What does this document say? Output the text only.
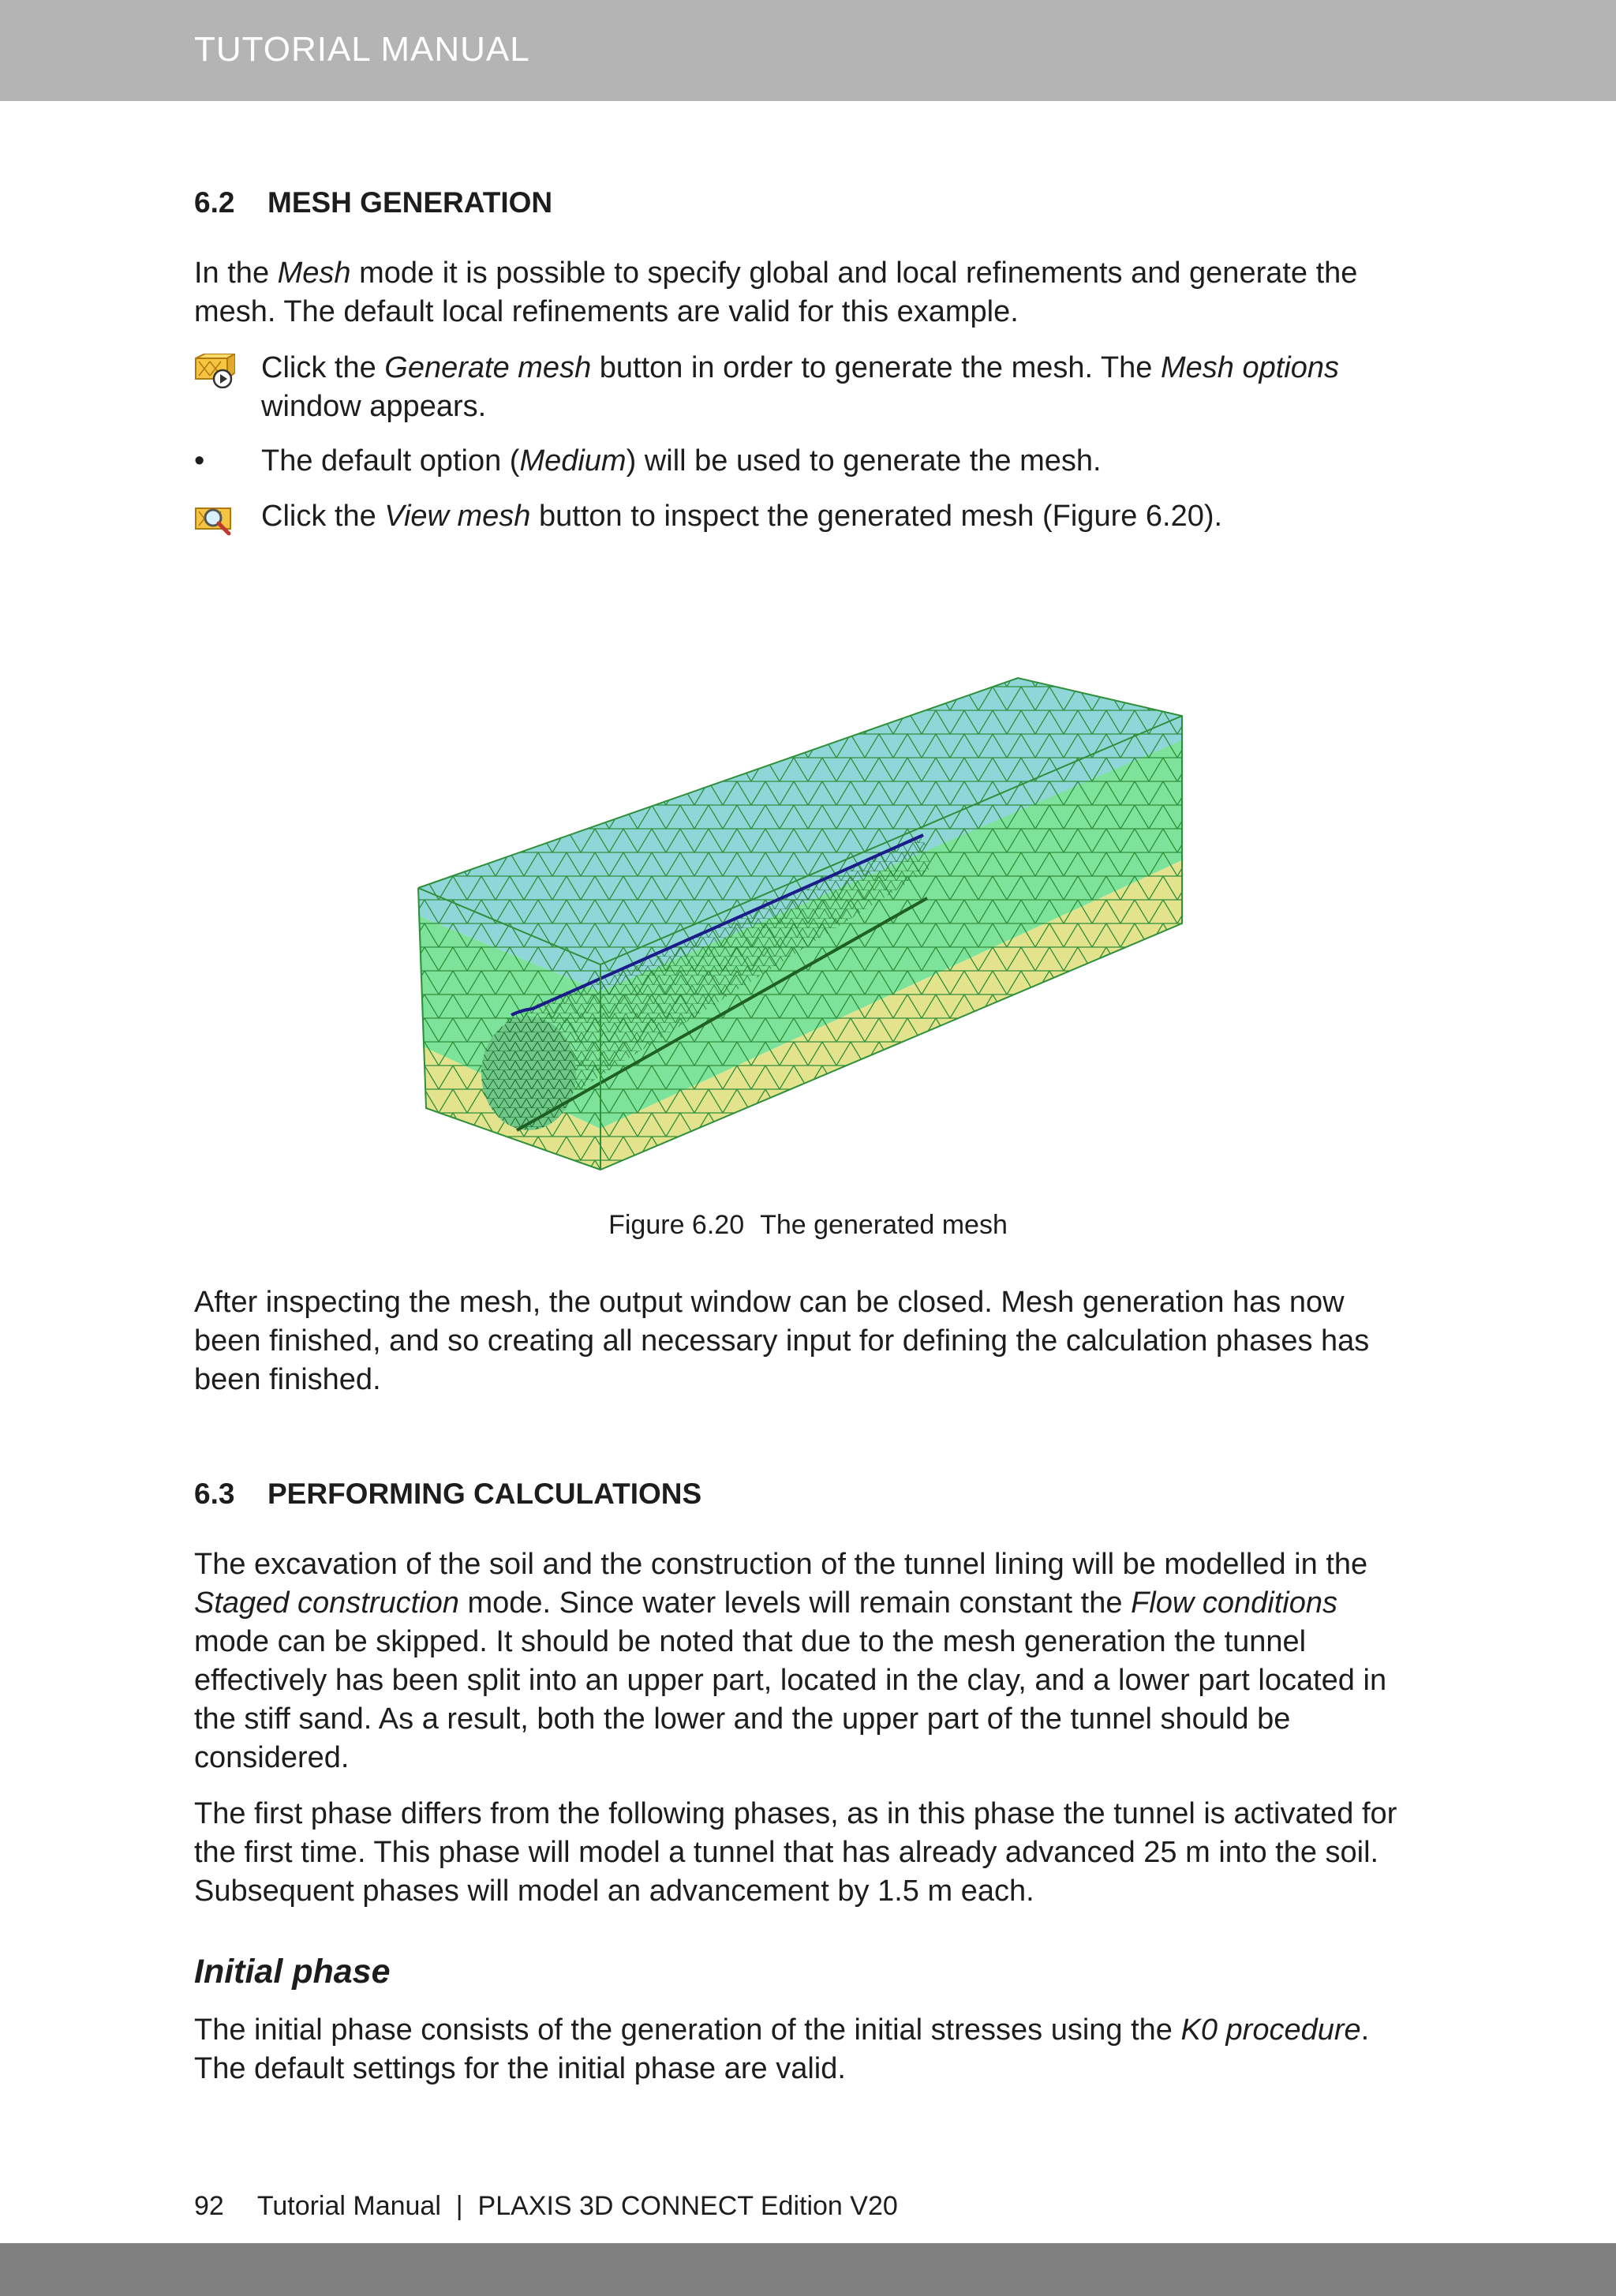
TUTORIAL MANUAL
6.2 MESH GENERATION

In the Mesh mode it is possible to specify global and local refinements and generate the mesh. The default local refinements are valid for this example.

Click the Generate mesh button in order to generate the mesh. The Mesh options window appears.
• The default option (Medium) will be used to generate the mesh.
Click the View mesh button to inspect the generated mesh (Figure 6.20).
Figure 6.20 The generated mesh

After inspecting the mesh, the output window can be closed. Mesh generation has now been finished, and so creating all necessary input for defining the calculation phases has been finished.

6.3 PERFORMING CALCULATIONS

The excavation of the soil and the construction of the tunnel lining will be modelled in the Staged construction mode. Since water levels will remain constant the Flow conditions mode can be skipped. It should be noted that due to the mesh generation the tunnel effectively has been split into an upper part, located in the clay, and a lower part located in the stiff sand. As a result, both the lower and the upper part of the tunnel should be considered.

The first phase differs from the following phases, as in this phase the tunnel is activated for the first time. This phase will model a tunnel that has already advanced 25 m into the soil. Subsequent phases will model an advancement by 1.5 m each.

Initial phase

The initial phase consists of the generation of the initial stresses using the K0 procedure. The default settings for the initial phase are valid.

92 Tutorial Manual  |  PLAXIS 3D CONNECT Edition V20
